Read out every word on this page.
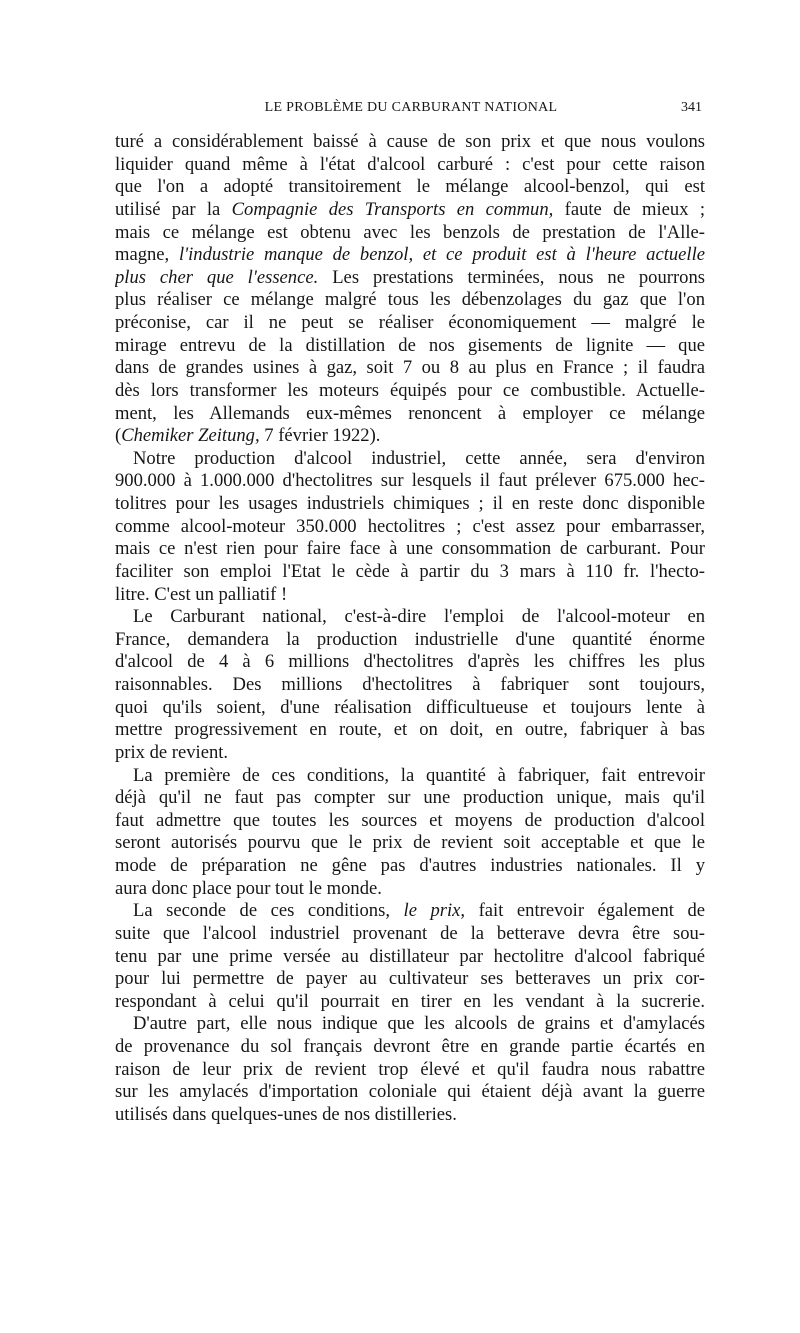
LE PROBLÈME DU CARBURANT NATIONAL	341
turé a considérablement baissé à cause de son prix et que nous voulons
liquider quand même à l'état d'alcool carburé : c'est pour cette raison
que l'on a adopté transitoirement le mélange alcool-benzol, qui est
utilisé par la Compagnie des Transports en commun, faute de mieux ;
mais ce mélange est obtenu avec les benzols de prestation de l'Alle-
magne, l'industrie manque de benzol, et ce produit est à l'heure actuelle
plus cher que l'essence. Les prestations terminées, nous ne pourrons
plus réaliser ce mélange malgré tous les débenzolages du gaz que l'on
préconise, car il ne peut se réaliser économiquement — malgré le
mirage entrevu de la distillation de nos gisements de lignite — que
dans de grandes usines à gaz, soit 7 ou 8 au plus en France ; il faudra
dès lors transformer les moteurs équipés pour ce combustible. Actuelle-
ment, les Allemands eux-mêmes renoncent à employer ce mélange
(Chemiker Zeitung, 7 février 1922).
Notre production d'alcool industriel, cette année, sera d'environ
900.000 à 1.000.000 d'hectolitres sur lesquels il faut prélever 675.000 hec-
tolitres pour les usages industriels chimiques ; il en reste donc disponible
comme alcool-moteur 350.000 hectolitres ; c'est assez pour embarrasser,
mais ce n'est rien pour faire face à une consommation de carburant. Pour
faciliter son emploi l'Etat le cède à partir du 3 mars à 110 fr. l'hecto-
litre. C'est un palliatif !
Le Carburant national, c'est-à-dire l'emploi de l'alcool-moteur en
France, demandera la production industrielle d'une quantité énorme
d'alcool de 4 à 6 millions d'hectolitres d'après les chiffres les plus
raisonnables. Des millions d'hectolitres à fabriquer sont toujours,
quoi qu'ils soient, d'une réalisation difficultueuse et toujours lente à
mettre progressivement en route, et on doit, en outre, fabriquer à bas
prix de revient.
La première de ces conditions, la quantité à fabriquer, fait entrevoir
déjà qu'il ne faut pas compter sur une production unique, mais qu'il
faut admettre que toutes les sources et moyens de production d'alcool
seront autorisés pourvu que le prix de revient soit acceptable et que le
mode de préparation ne gêne pas d'autres industries nationales. Il y
aura donc place pour tout le monde.
La seconde de ces conditions, le prix, fait entrevoir également de
suite que l'alcool industriel provenant de la betterave devra être sou-
tenu par une prime versée au distillateur par hectolitre d'alcool fabriqué
pour lui permettre de payer au cultivateur ses betteraves un prix cor-
respondant à celui qu'il pourrait en tirer en les vendant à la sucrerie.
D'autre part, elle nous indique que les alcools de grains et d'amylacés
de provenance du sol français devront être en grande partie écartés en
raison de leur prix de revient trop élevé et qu'il faudra nous rabattre
sur les amylacés d'importation coloniale qui étaient déjà avant la guerre
utilisés dans quelques-unes de nos distilleries.
